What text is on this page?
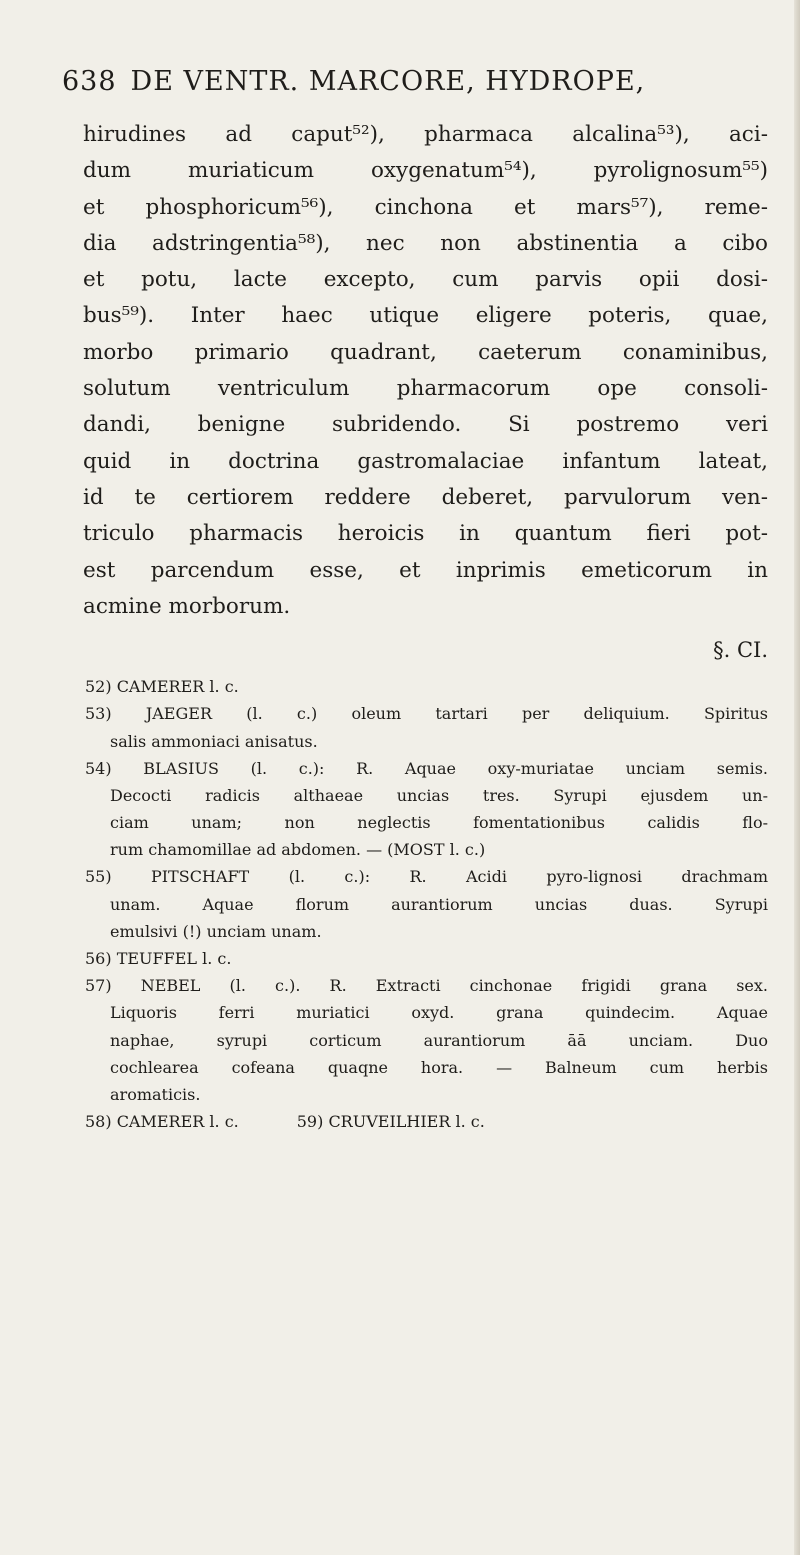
638 DE VENTR. MARCORE, HYDROPE,
hirudines ad caput⁵²), pharmaca alcalina⁵³), aci-
dum muriaticum oxygenatum⁵⁴), pyrolignosum⁵⁵)
et phosphoricum⁵⁶), cinchona et mars⁵⁷), reme-
dia adstringentia⁵⁸), nec non abstinentia a cibo
et potu, lacte excepto, cum parvis opii dosi-
bus⁵⁹). Inter haec utique eligere poteris, quae,
morbo primario quadrant, caeterum conaminibus,
solutum ventriculum pharmacorum ope consoli-
dandi, benigne subridendo. Si postremo veri
quid in doctrina gastromalaciae infantum lateat,
id te certiorem reddere deberet, parvulorum ven-
triculo pharmacis heroicis in quantum fieri pot-
est parcendum esse, et inprimis emeticorum in
acmine morborum.
§. CI.
52) CAMERER l. c.
53) JAEGER (l. c.) oleum tartari per deliquium. Spiritus
salis ammoniaci anisatus.
54) BLASIUS (l. c.): R. Aquae oxy-muriatae unciam semis.
Decocti radicis althaeae uncias tres. Syrupi ejusdem un-
ciam unam; non neglectis fomentationibus calidis flo-
rum chamomillae ad abdomen. — (MOST l. c.)
55) PITSCHAFT (l. c.): R. Acidi pyro-lignosi drachmam
unam. Aquae florum aurantiorum uncias duas. Syrupi
emulsivi (!) unciam unam.
56) TEUFFEL l. c.
57) NEBEL (l. c.). R. Extracti cinchonae frigidi grana sex.
Liquoris ferri muriatici oxyd. grana quindecim. Aquae
naphae, syrupi corticum aurantiorum āā unciam. Duo
cochlearea cofeana quaqne hora. — Balneum cum herbis
aromaticis.
58) CAMERER l. c.	59) CRUVEILHIER l. c.
